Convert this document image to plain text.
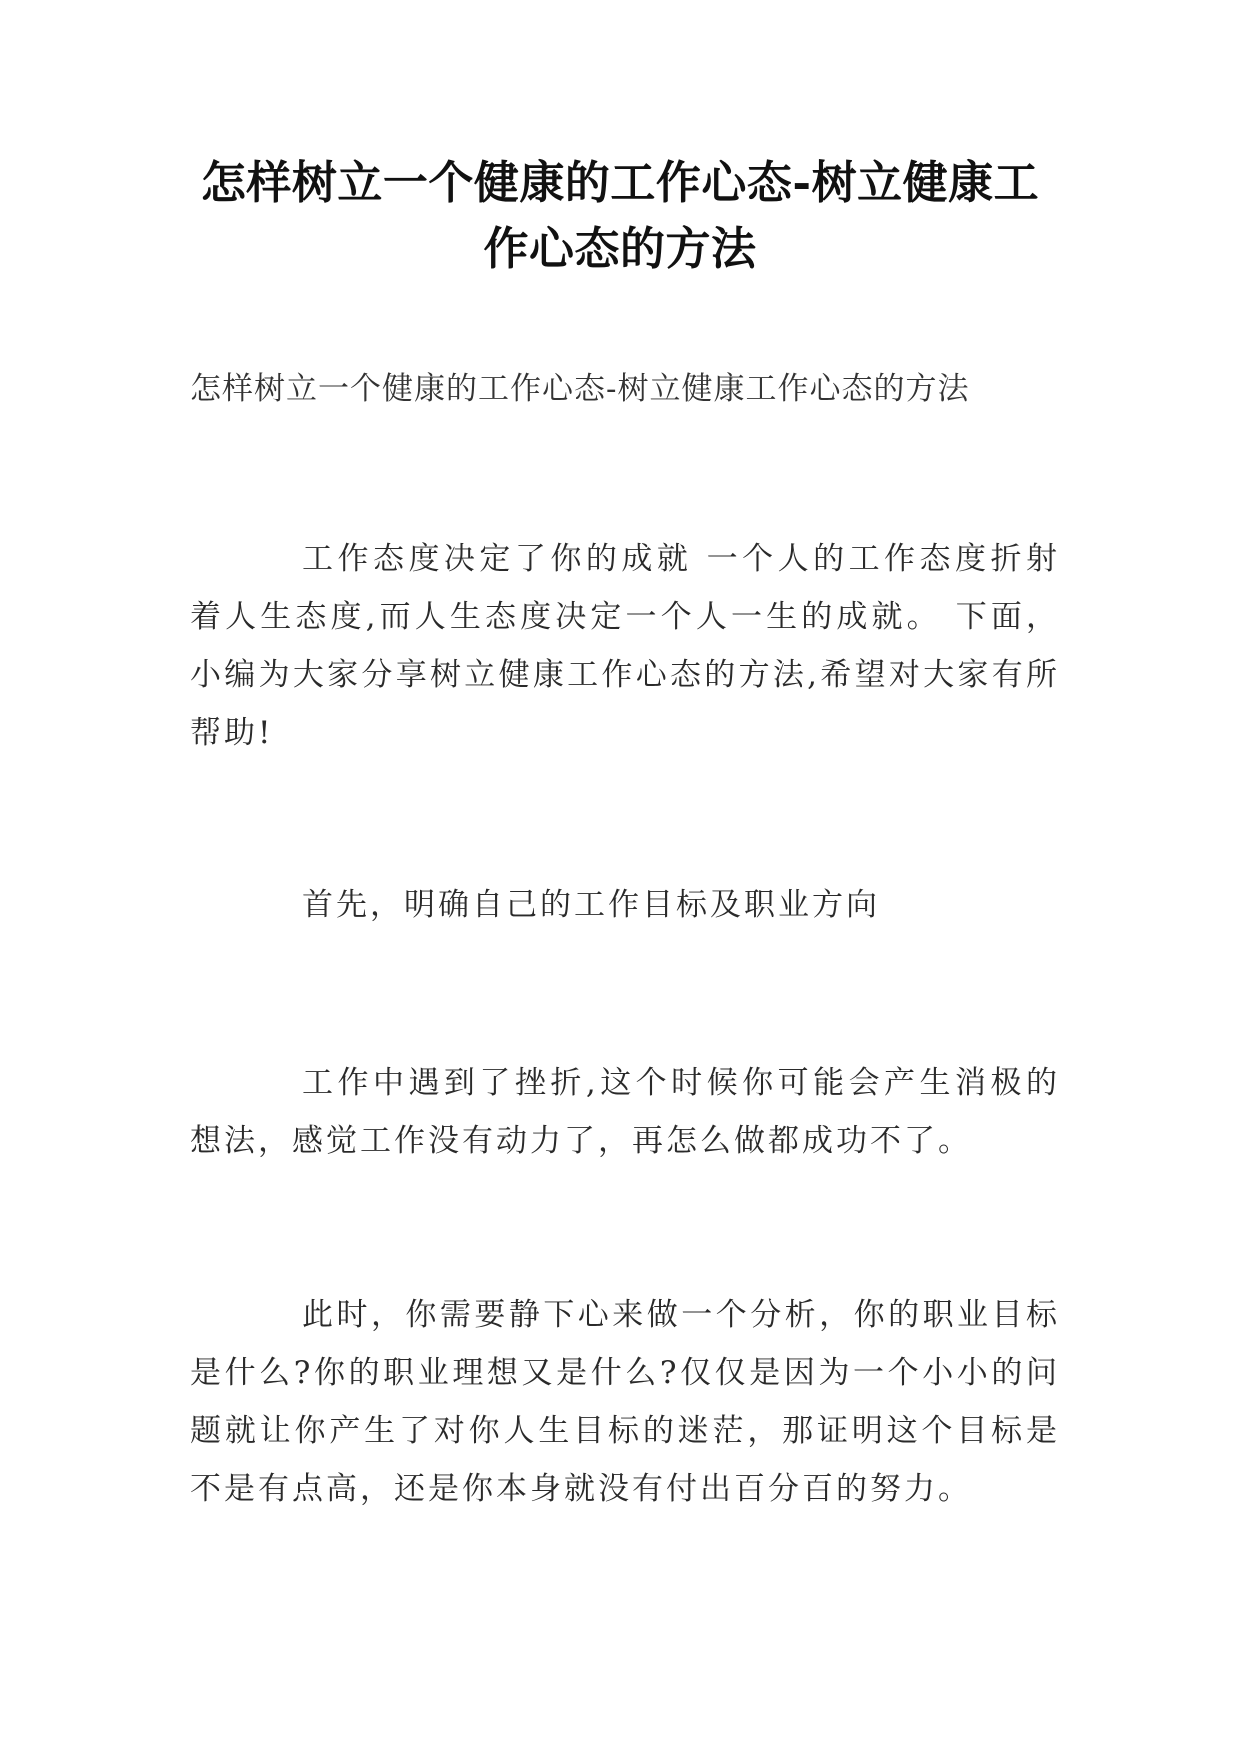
怎样树立一个健康的工作心态-树立健康工作心态的方法

怎样树立一个健康的工作心态-树立健康工作心态的方法

工作态度决定了你的成就 一个人的工作态度折射着人生态度,而人生态度决定一个人一生的成就。 下面，小编为大家分享树立健康工作心态的方法,希望对大家有所帮助!

首先，明确自己的工作目标及职业方向

工作中遇到了挫折,这个时候你可能会产生消极的想法，感觉工作没有动力了，再怎么做都成功不了。

此时，你需要静下心来做一个分析，你的职业目标是什么?你的职业理想又是什么?仅仅是因为一个小小的问题就让你产生了对你人生目标的迷茫，那证明这个目标是不是有点高，还是你本身就没有付出百分百的努力。
